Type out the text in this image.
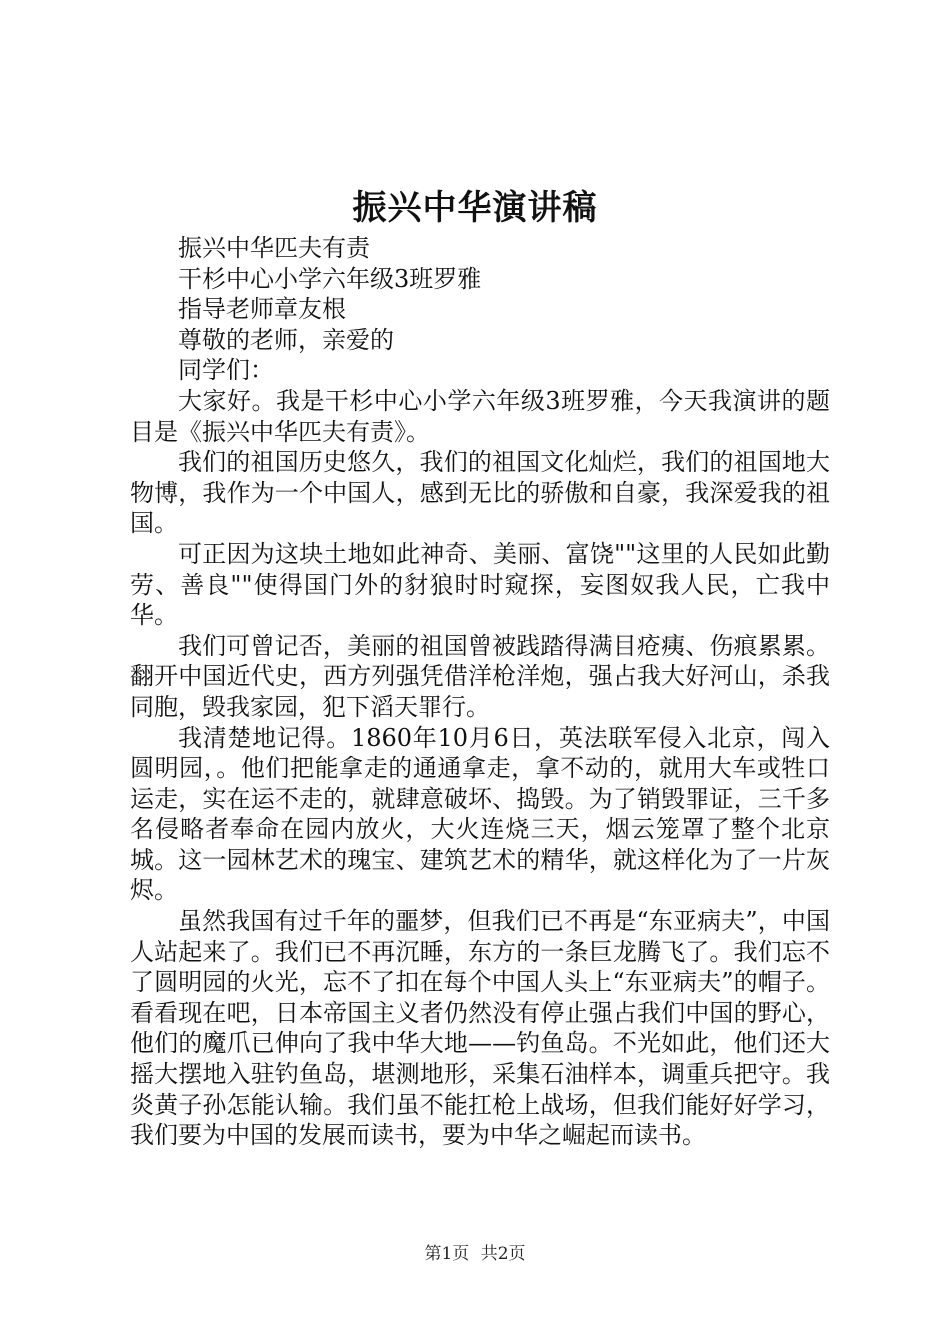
振兴中华演讲稿

振兴中华匹夫有责

干杉中心小学六年级3班罗雅

指导老师章友根

尊敬的老师，亲爱的

同学们：

大家好。我是干杉中心小学六年级3班罗雅，今天我演讲的题目是《振兴中华匹夫有责》。

我们的祖国历史悠久，我们的祖国文化灿烂，我们的祖国地大物博，我作为一个中国人，感到无比的骄傲和自豪，我深爱我的祖国。

可正因为这块土地如此神奇、美丽、富饶""这里的人民如此勤劳、善良""使得国门外的豺狼时时窥探，妄图奴我人民，亡我中华。

我们可曾记否，美丽的祖国曾被践踏得满目疮痍、伤痕累累。翻开中国近代史，西方列强凭借洋枪洋炮，强占我大好河山，杀我同胞，毁我家园，犯下滔天罪行。

我清楚地记得。1860年10月6日，英法联军侵入北京，闯入圆明园，。他们把能拿走的通通拿走，拿不动的，就用大车或牲口运走，实在运不走的，就肆意破坏、捣毁。为了销毁罪证，三千多名侵略者奉命在园内放火，大火连烧三天，烟云笼罩了整个北京城。这一园林艺术的瑰宝、建筑艺术的精华，就这样化为了一片灰烬。

虽然我国有过千年的噩梦，但我们已不再是“东亚病夫”，中国人站起来了。我们已不再沉睡，东方的一条巨龙腾飞了。我们忘不了圆明园的火光，忘不了扣在每个中国人头上“东亚病夫”的帽子。看看现在吧，日本帝国主义者仍然没有停止强占我们中国的野心，他们的魔爪已伸向了我中华大地——钓鱼岛。不光如此，他们还大摇大摆地入驻钓鱼岛，堪测地形，采集石油样本，调重兵把守。我炎黄子孙怎能认输。我们虽不能扛枪上战场，但我们能好好学习，我们要为中国的发展而读书，要为中华之崛起而读书。

第1页 共2页
